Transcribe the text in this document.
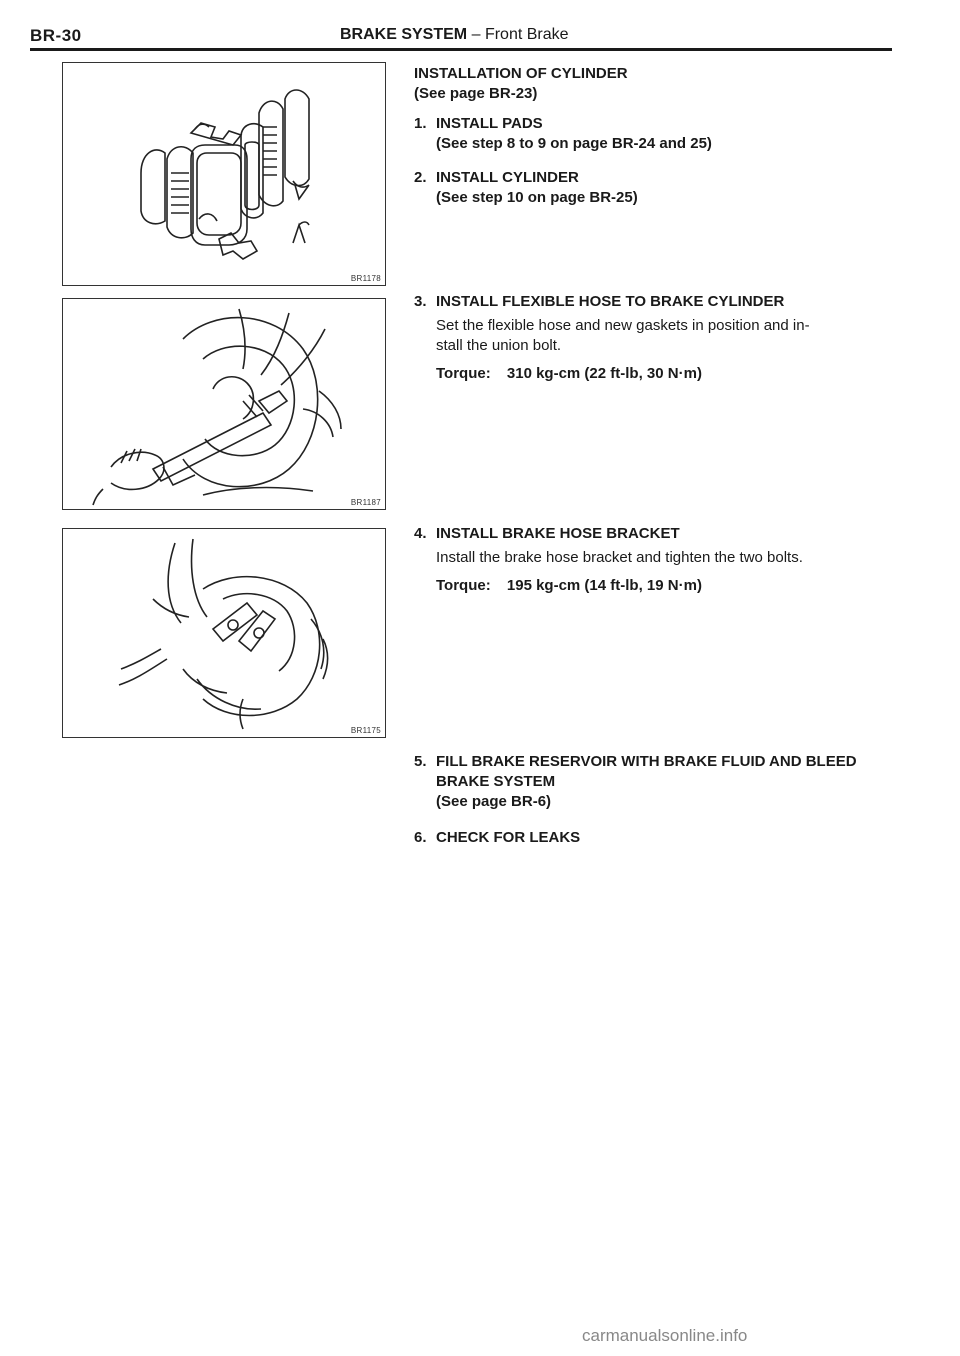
BR-30	BRAKE SYSTEM – Front Brake
BR1178
BR1187
BR1175

INSTALLATION OF CYLINDER

(See page BR-23)

1. INSTALL PADS

(See step 8 to 9 on page BR-24 and 25)

2. INSTALL CYLINDER

(See step 10 on page BR-25)

3. INSTALL FLEXIBLE HOSE TO BRAKE CYLINDER

Set the flexible hose and new gaskets in position and in-

stall the union bolt.

Torque: 310 kg-cm (22 ft-lb, 30 N·m)

4. INSTALL BRAKE HOSE BRACKET

Install the brake hose bracket and tighten the two bolts.

Torque: 195 kg-cm (14 ft-lb, 19 N·m)

5. FILL BRAKE RESERVOIR WITH BRAKE FLUID AND BLEED

BRAKE SYSTEM

(See page BR-6)

6. CHECK FOR LEAKS

carmanualsonline.info
